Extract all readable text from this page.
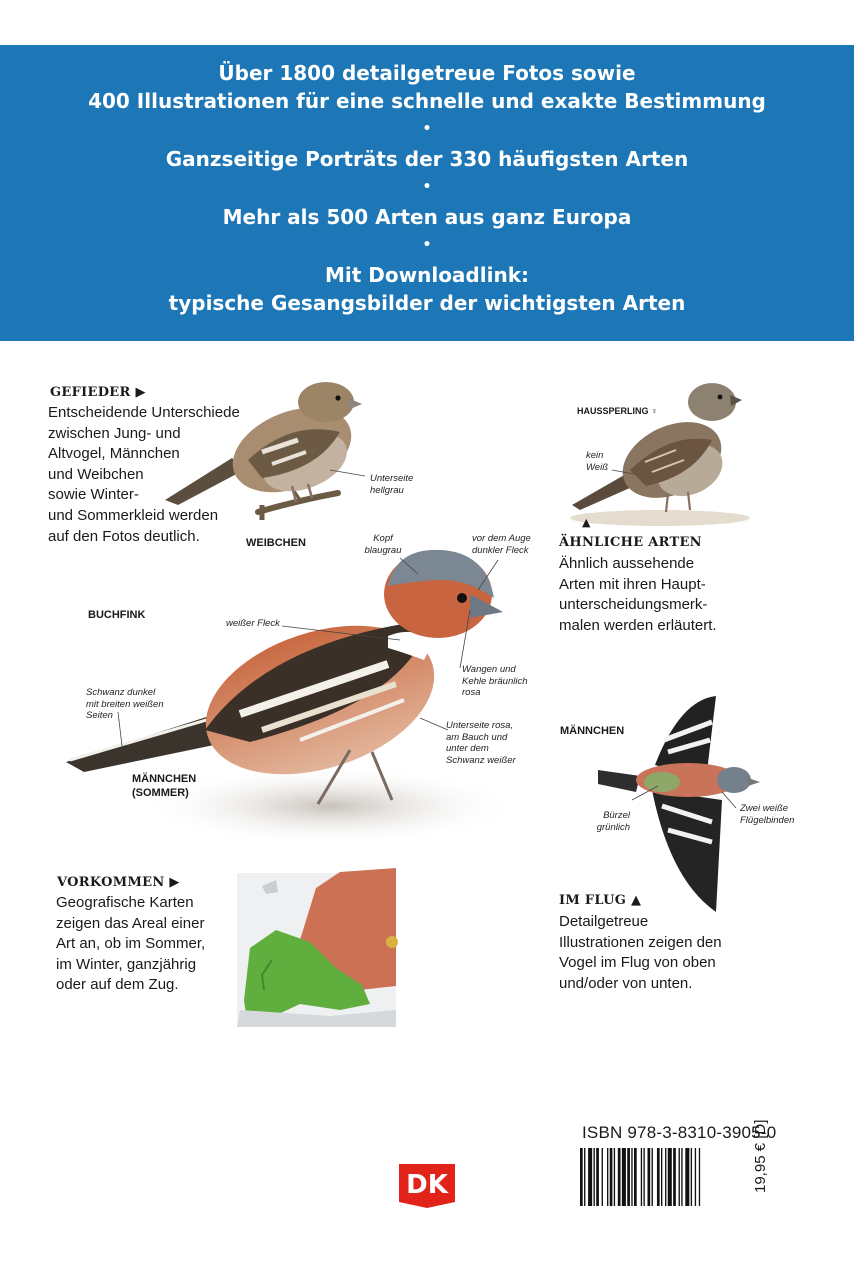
Über 1800 detailgetreue Fotos sowie
400 Illustrationen für eine schnelle und exakte Bestimmung
•
Ganzseitige Porträts der 330 häufigsten Arten
•
Mehr als 500 Arten aus ganz Europa
•
Mit Downloadlink:
typische Gesangsbilder der wichtigsten Arten
GEFIEDER ▶
Entscheidende Unterschiede
zwischen Jung- und
Altvogel, Männchen
und Weibchen
sowie Winter-
und Sommerkleid werden
auf den Fotos deutlich.	WEIBCHEN
Unterseite
hellgrau
HAUSSPERLING ♀
kein
Weiß
▲
ÄHNLICHE ARTEN
Ähnlich aussehende
Arten mit ihren Haupt-
unterscheidungsmerk-
malen werden erläutert.
BUCHFINK
MÄNNCHEN
(SOMMER)
Kopf
blaugrau
vor dem Auge
dunkler Fleck
weißer Fleck
Wangen und
Kehle bräunlich
rosa
Schwanz dunkel
mit breiten weißen
Seiten
Unterseite rosa,
am Bauch und
unter dem
Schwanz weißer
MÄNNCHEN
Bürzel
grünlich
Zwei weiße
Flügelbinden
IM FLUG ▲
Detailgetreue
Illustrationen zeigen den
Vogel im Flug von oben
und/oder von unten.
VORKOMMEN ▶
Geografische Karten
zeigen das Areal einer
Art an, ob im Sommer,
im Winter, ganzjährig
oder auf dem Zug.
DK
ISBN 978-3-8310-3905-0
19,95 € [D]
